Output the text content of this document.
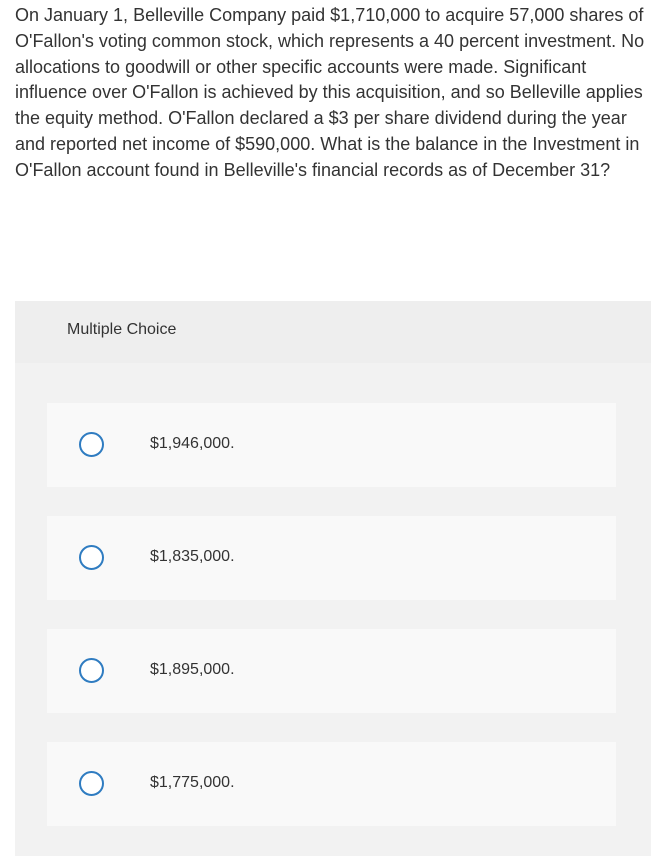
On January 1, Belleville Company paid $1,710,000 to acquire 57,000 shares of O'Fallon's voting common stock, which represents a 40 percent investment. No allocations to goodwill or other specific accounts were made. Significant influence over O'Fallon is achieved by this acquisition, and so Belleville applies the equity method. O'Fallon declared a $3 per share dividend during the year and reported net income of $590,000. What is the balance in the Investment in O'Fallon account found in Belleville's financial records as of December 31?

Multiple Choice
$1,946,000.
$1,835,000.
$1,895,000.
$1,775,000.
